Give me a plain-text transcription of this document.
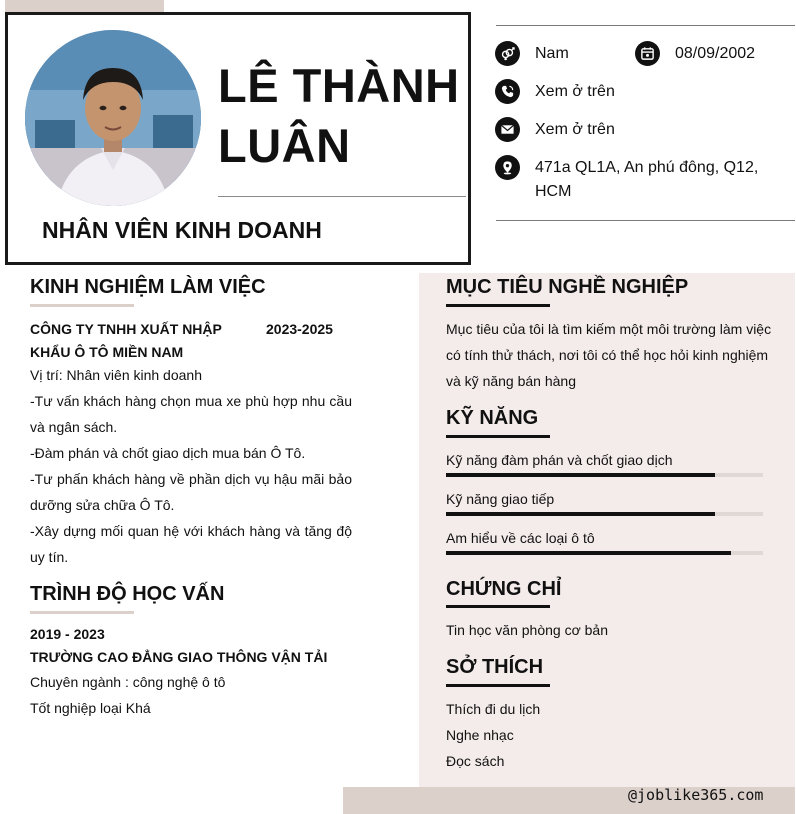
LÊ THÀNH
LUÂN
NHÂN VIÊN KINH DOANH
Nam	08/09/2002
Xem ở trên
Xem ở trên
471a QL1A, An phú đông, Q12, HCM
KINH NGHIỆM LÀM VIỆC
CÔNG TY TNHH XUẤT NHẬP KHẨU Ô TÔ MIỀN NAM
2023-2025
Vị trí: Nhân viên kinh doanh
-Tư vấn khách hàng chọn mua xe phù hợp nhu cầu và ngân sách.
-Đàm phán và chốt giao dịch mua bán Ô Tô.
-Tư phấn khách hàng về phần dịch vụ hậu mãi bảo dưỡng sửa chữa Ô Tô.
-Xây dựng mối quan hệ với khách hàng và tăng độ uy tín.
TRÌNH ĐỘ HỌC VẤN
2019 - 2023
TRƯỜNG CAO ĐẲNG GIAO THÔNG VẬN TẢI
Chuyên ngành : công nghệ ô tô
Tốt nghiệp loại Khá
MỤC TIÊU NGHỀ NGHIỆP
Mục tiêu của tôi là tìm kiếm một môi trường làm việc có tính thử thách, nơi tôi có thể học hỏi kinh nghiệm và kỹ năng bán hàng
KỸ NĂNG
Kỹ năng đàm phán và chốt giao dịch
Kỹ năng giao tiếp
Am hiểu về các loại ô tô
CHỨNG CHỈ
Tin học văn phòng cơ bản
SỞ THÍCH
Thích đi du lịch
Nghe nhạc
Đọc sách
@joblike365.com
